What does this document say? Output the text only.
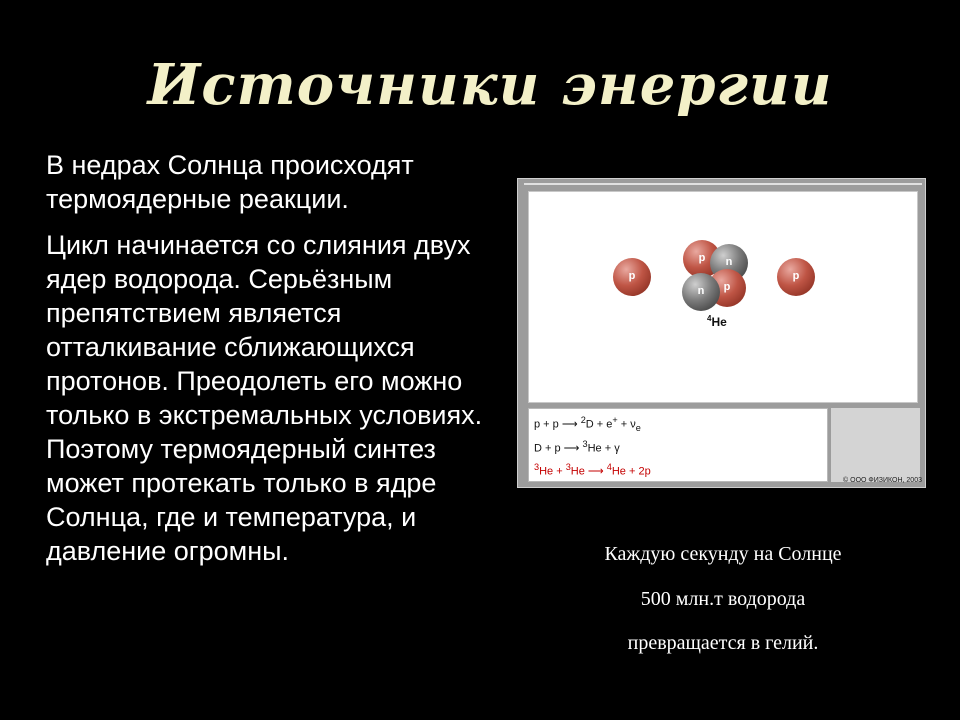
Источники энергии

В недрах Солнца происходят термоядерные реакции.

Цикл начинается со слияния двух ядер водорода. Серьёзным препятствием является отталкивание сближающихся протонов. Преодолеть его можно только в экстремальных условиях. Поэтому термоядерный синтез может протекать только в ядре Солнца, где и температура, и давление огромны.

p
p	n
p
n
p
$^4$He
p + p ⟶ $^2D + e^+ + \nu_e$
D + p ⟶ $^3$He + γ
$^3$He + $^3$He ⟶ $^4$He + 2p
© ООО ФИЗИКОН, 2003
Каждую секунду на Солнце
500 млн.т водорода
превращается в гелий.
